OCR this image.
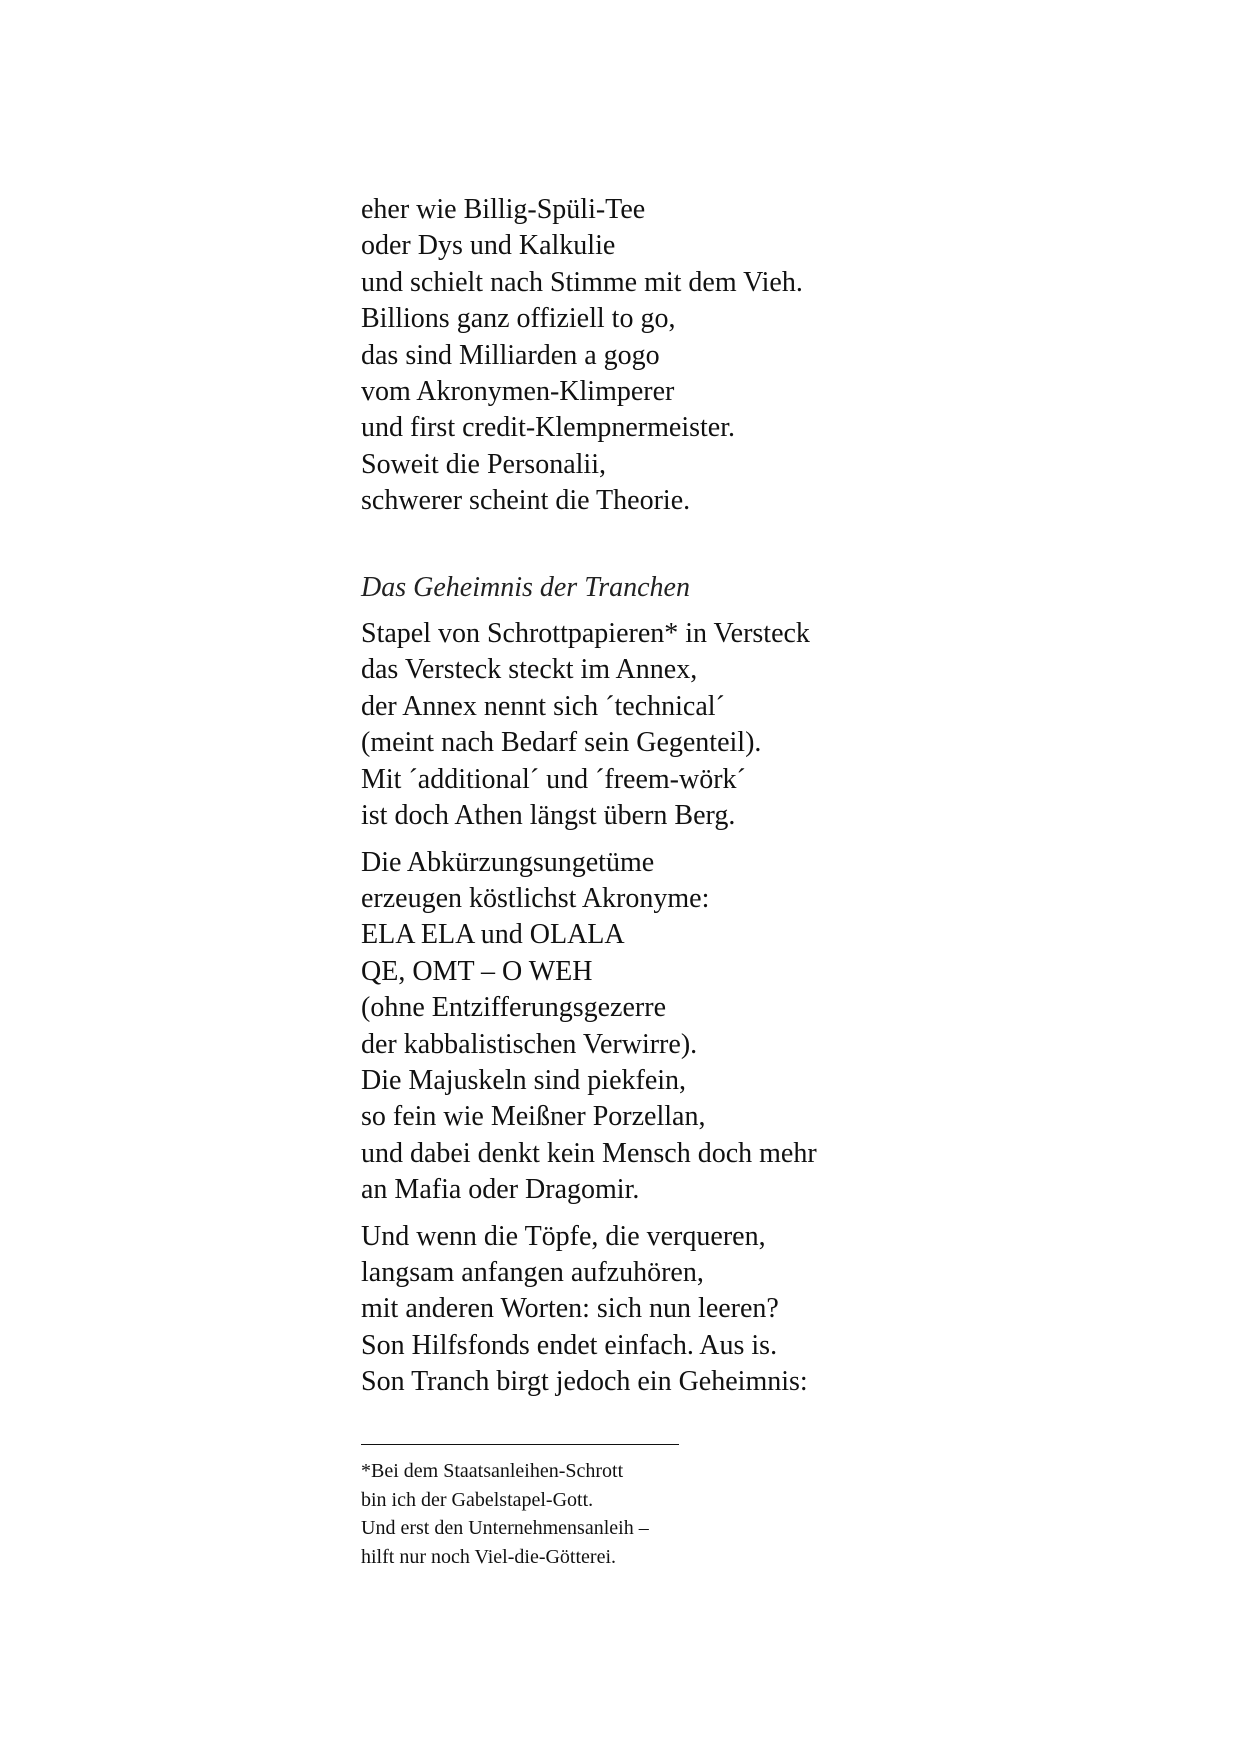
eher wie Billig-Spüli-Tee
oder Dys und Kalkulie
und schielt nach Stimme mit dem Vieh.
Billions ganz offiziell to go,
das sind Milliarden a gogo
vom Akronymen-Klimperer
und first credit-Klempnermeister.
Soweit die Personalii,
schwerer scheint die Theorie.
Das Geheimnis der Tranchen
Stapel von Schrottpapieren* in Versteck
das Versteck steckt im Annex,
der Annex nennt sich ´technical´
(meint nach Bedarf sein Gegenteil).
Mit ´additional´ und ´freem-wörk´
ist doch Athen längst übern Berg.
Die Abkürzungsungetüme
erzeugen köstlichst Akronyme:
ELA ELA und OLALA
QE, OMT – O WEH
(ohne Entzifferungsgezerre
der kabbalistischen Verwirre).
Die Majuskeln sind piekfein,
so fein wie Meißner Porzellan,
und dabei denkt kein Mensch doch mehr
an Mafia oder Dragomir.
Und wenn die Töpfe, die verqueren,
langsam anfangen aufzuhören,
mit anderen Worten: sich nun leeren?
Son Hilfsfonds endet einfach. Aus is.
Son Tranch birgt jedoch ein Geheimnis:
*Bei dem Staatsanleihen-Schrott
bin ich der Gabelstapel-Gott.
Und erst den Unternehmensanleih –
hilft nur noch Viel-die-Götterei.
